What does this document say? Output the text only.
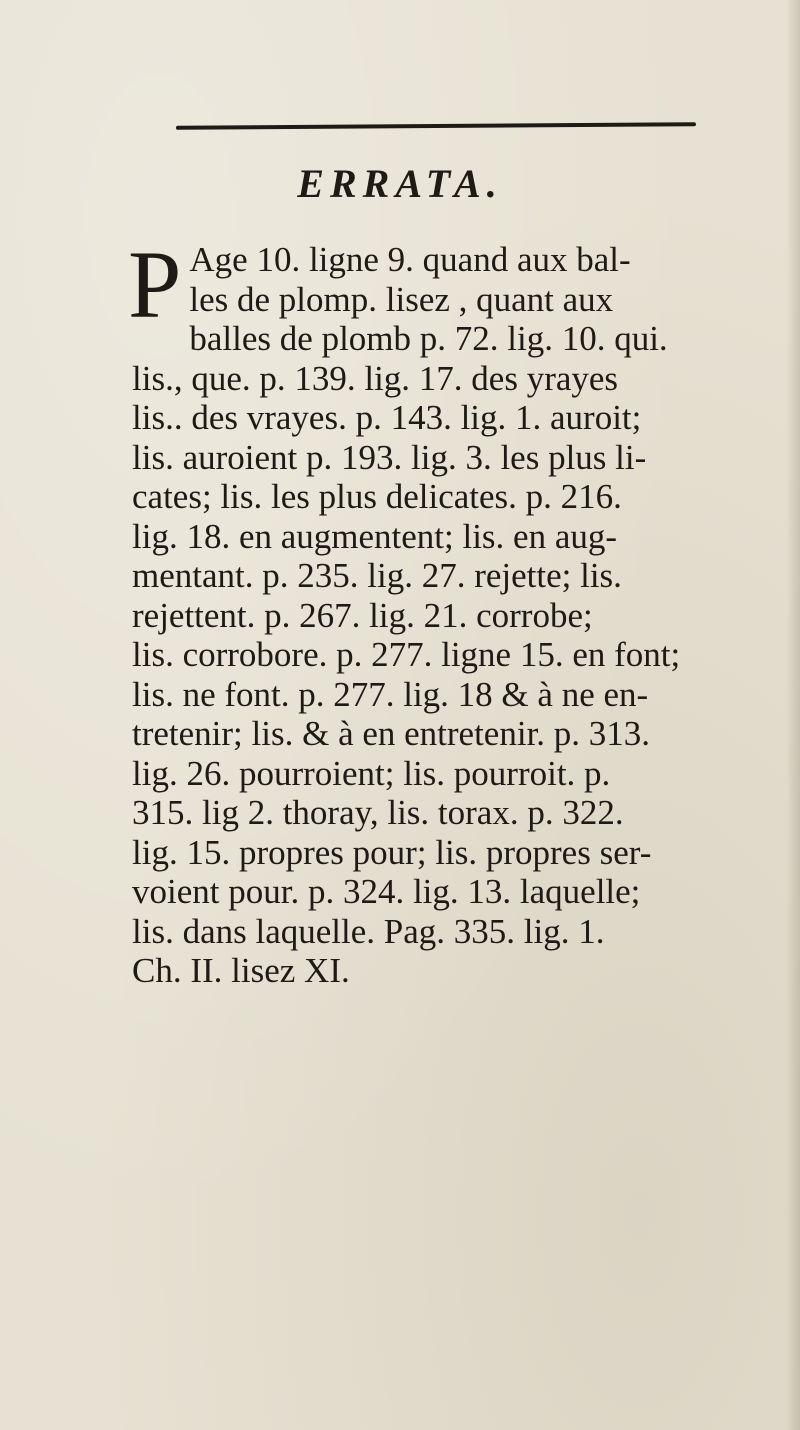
ERRATA.
P Age 10. ligne 9. quand aux bal-
les de plomp. lisez , quant aux
balles de plomb p. 72. lig. 10. qui.
lis., que. p. 139. lig. 17. des yrayes
lis.. des vrayes. p. 143. lig. 1. auroit;
lis. auroient p. 193. lig. 3. les plus li-
cates; lis. les plus delicates. p. 216.
lig. 18. en augmentent; lis. en aug-
mentant. p. 235. lig. 27. rejette; lis.
rejettent. p. 267. lig. 21. corrobe;
lis. corrobore. p. 277. ligne 15. en font;
lis. ne font. p. 277. lig. 18 & à ne en-
tretenir; lis. & à en entretenir. p. 313.
lig. 26. pourroient; lis. pourroit. p.
315. lig 2. thoray, lis. torax. p. 322.
lig. 15. propres pour; lis. propres ser-
voient pour. p. 324. lig. 13. laquelle;
lis. dans laquelle. Pag. 335. lig. 1.
Ch. II. lisez XI.
